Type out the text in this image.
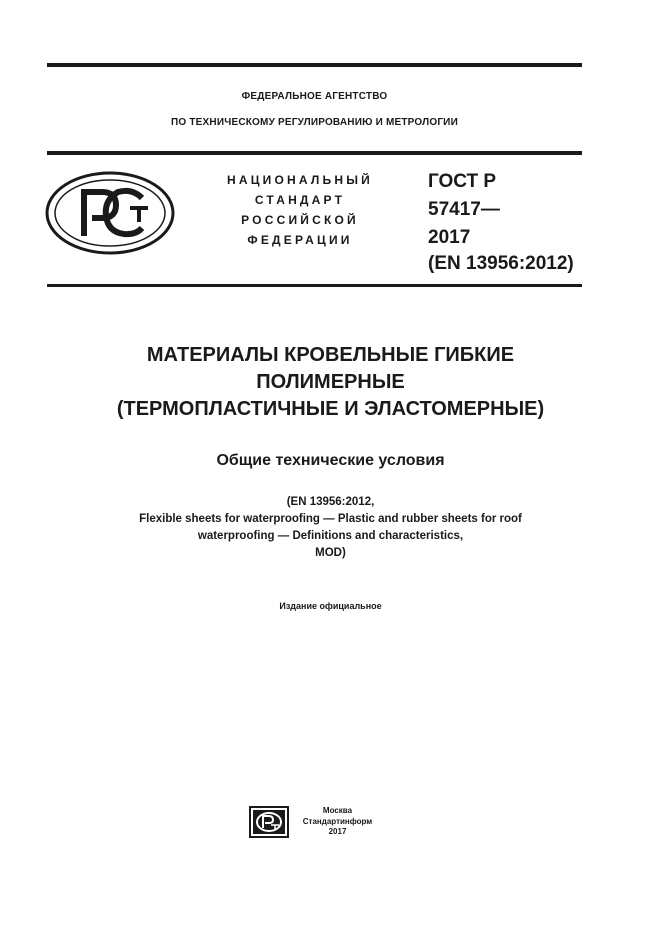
ФЕДЕРАЛЬНОЕ АГЕНТСТВО
ПО ТЕХНИЧЕСКОМУ РЕГУЛИРОВАНИЮ И МЕТРОЛОГИИ
НАЦИОНАЛЬНЫЙ
СТАНДАРТ
РОССИЙСКОЙ
ФЕДЕРАЦИИ
ГОСТ Р
57417—
2017
(EN 13956:2012)
МАТЕРИАЛЫ КРОВЕЛЬНЫЕ ГИБКИЕ
ПОЛИМЕРНЫЕ
(ТЕРМОПЛАСТИЧНЫЕ И ЭЛАСТОМЕРНЫЕ)
Общие технические условия
(EN 13956:2012,
Flexible sheets for waterproofing — Plastic and rubber sheets for roof
waterproofing — Definitions and characteristics,
MOD)
Издание официальное
Москва
Стандартинформ
2017
